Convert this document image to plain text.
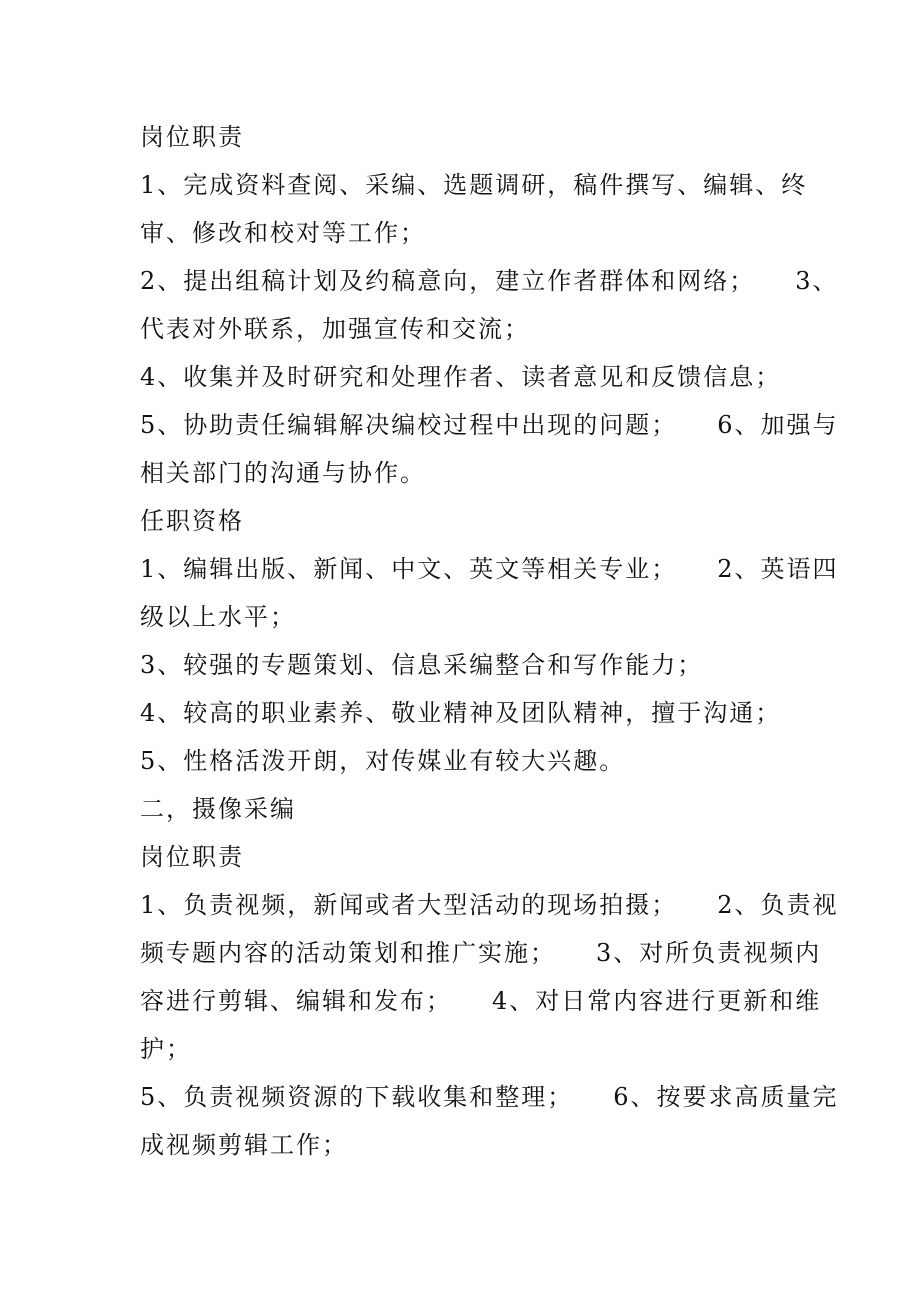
岗位职责
1、完成资料查阅、采编、选题调研，稿件撰写、编辑、终
审、修改和校对等工作；
2、提出组稿计划及约稿意向，建立作者群体和网络；　　3、
代表对外联系，加强宣传和交流；
4、收集并及时研究和处理作者、读者意见和反馈信息；
5、协助责任编辑解决编校过程中出现的问题；　　6、加强与
相关部门的沟通与协作。
任职资格
1、编辑出版、新闻、中文、英文等相关专业；　　2、英语四
级以上水平；
3、较强的专题策划、信息采编整合和写作能力；
4、较高的职业素养、敬业精神及团队精神，擅于沟通；
5、性格活泼开朗，对传媒业有较大兴趣。
二，摄像采编
岗位职责
1、负责视频，新闻或者大型活动的现场拍摄；　　2、负责视
频专题内容的活动策划和推广实施；　　3、对所负责视频内
容进行剪辑、编辑和发布；　　4、对日常内容进行更新和维
护；
5、负责视频资源的下载收集和整理；　　6、按要求高质量完
成视频剪辑工作；
